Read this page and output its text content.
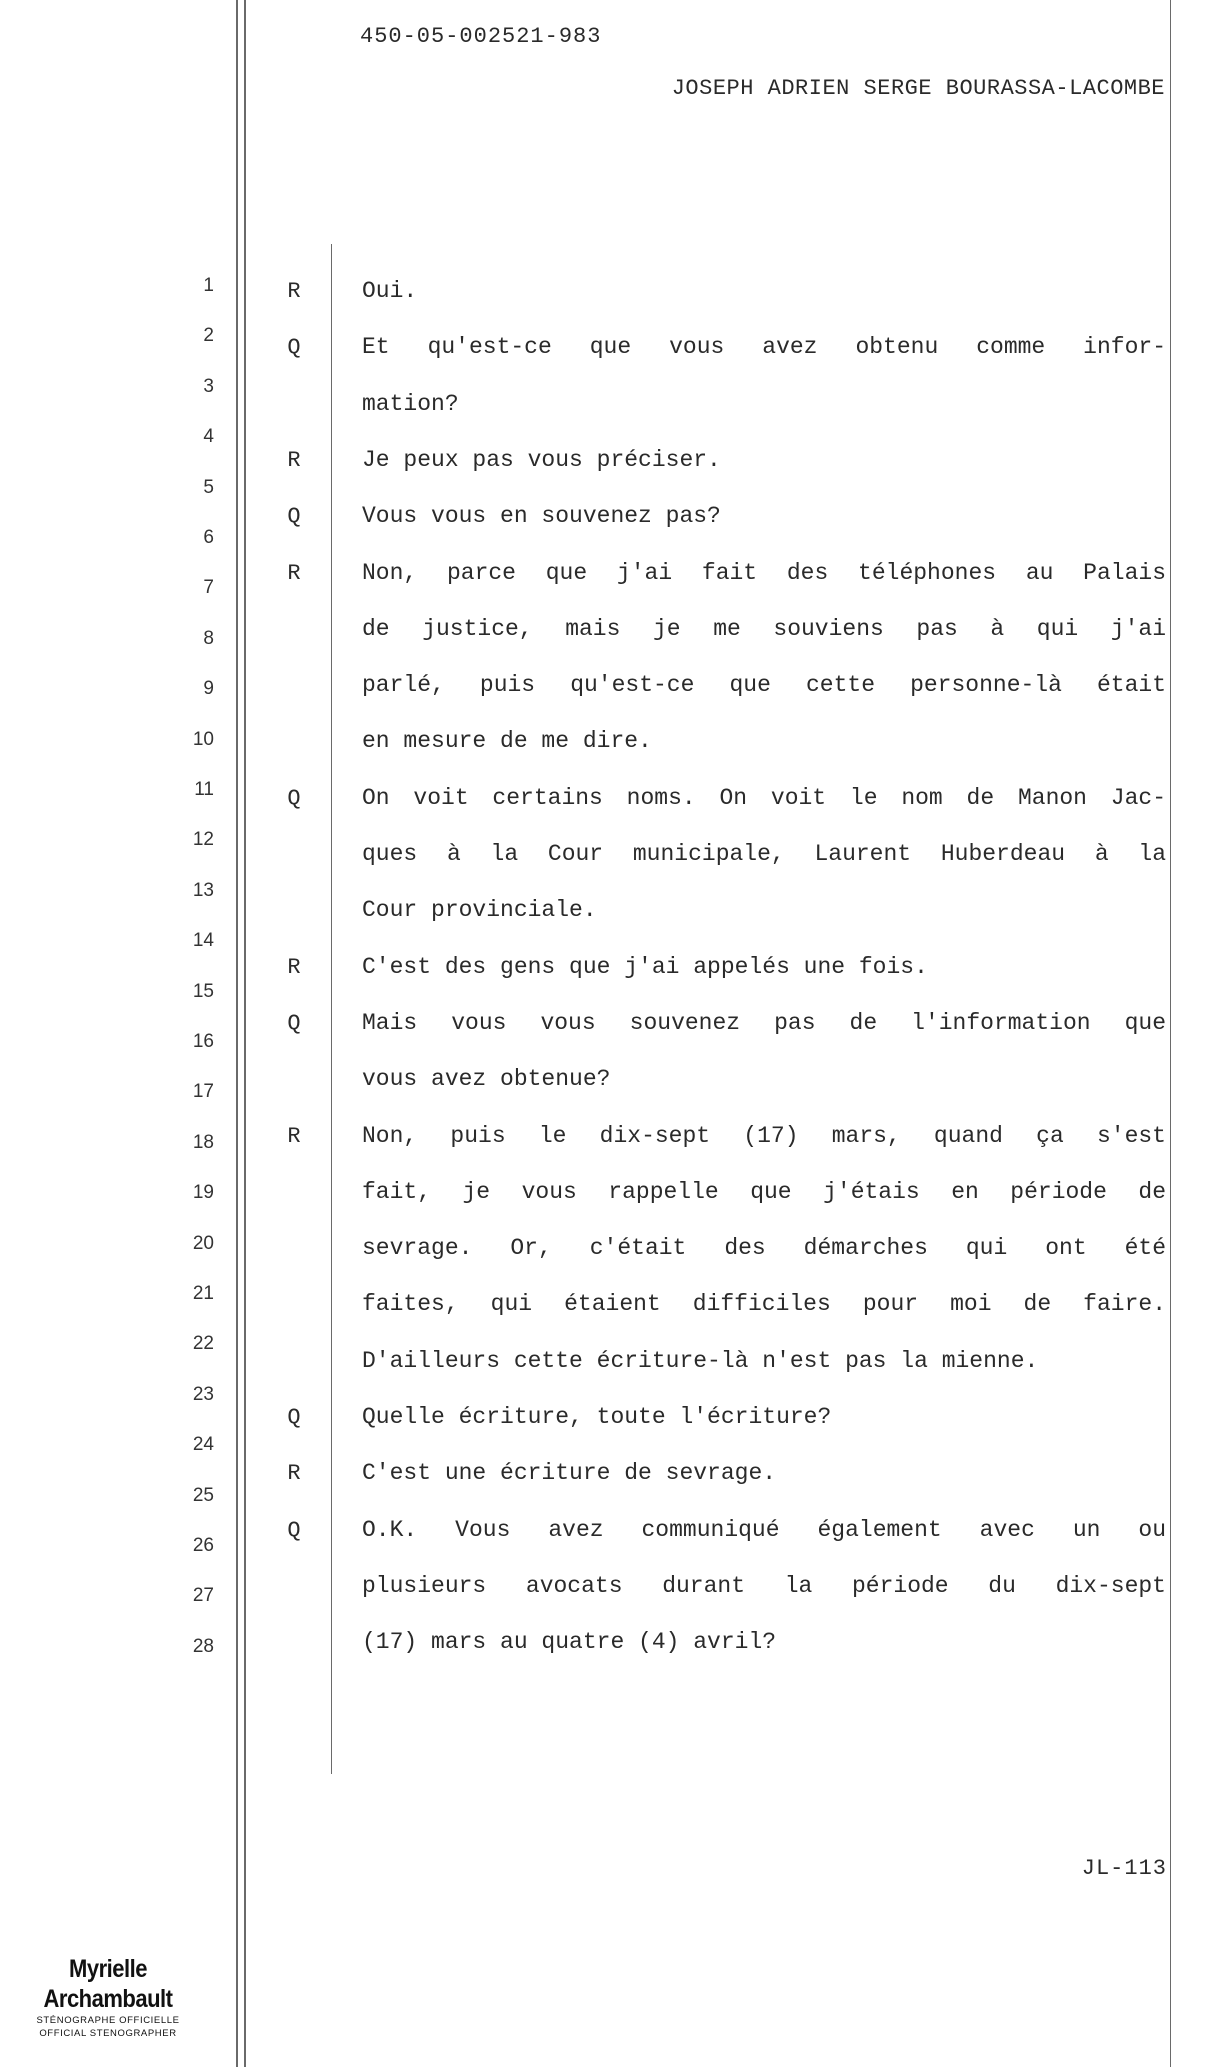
450-05-002521-983
JOSEPH ADRIEN SERGE BOURASSA-LACOMBE
1
2
3
4
5
6
7
8
9
10
11
12
13
14
15
16
17
18
19
20
21
22
23
24
25
26
27
28
R	Oui.
Q	Et qu'est-ce que vous avez obtenu comme infor-
mation?
R	Je peux pas vous préciser.
Q	Vous vous en souvenez pas?
R	Non, parce que j'ai fait des téléphones au Palais
de justice, mais je me souviens pas à qui j'ai
parlé, puis qu'est-ce que cette personne-là était
en mesure de me dire.
Q	On voit certains noms. On voit le nom de Manon Jac-
ques à la Cour municipale, Laurent Huberdeau à la
Cour provinciale.
R	C'est des gens que j'ai appelés une fois.
Q	Mais vous vous souvenez pas de l'information que
vous avez obtenue?
R	Non, puis le dix-sept (17) mars, quand ça s'est
fait, je vous rappelle que j'étais en période de
sevrage. Or, c'était des démarches qui ont été
faites, qui étaient difficiles pour moi de faire.
D'ailleurs cette écriture-là n'est pas la mienne.
Q	Quelle écriture, toute l'écriture?
R	C'est une écriture de sevrage.
Q	O.K. Vous avez communiqué également avec un ou
plusieurs avocats durant la période du dix-sept
(17) mars au quatre (4) avril?
JL-113
Myrielle Archambault
STÉNOGRAPHE OFFICIELLE
OFFICIAL STENOGRAPHER
